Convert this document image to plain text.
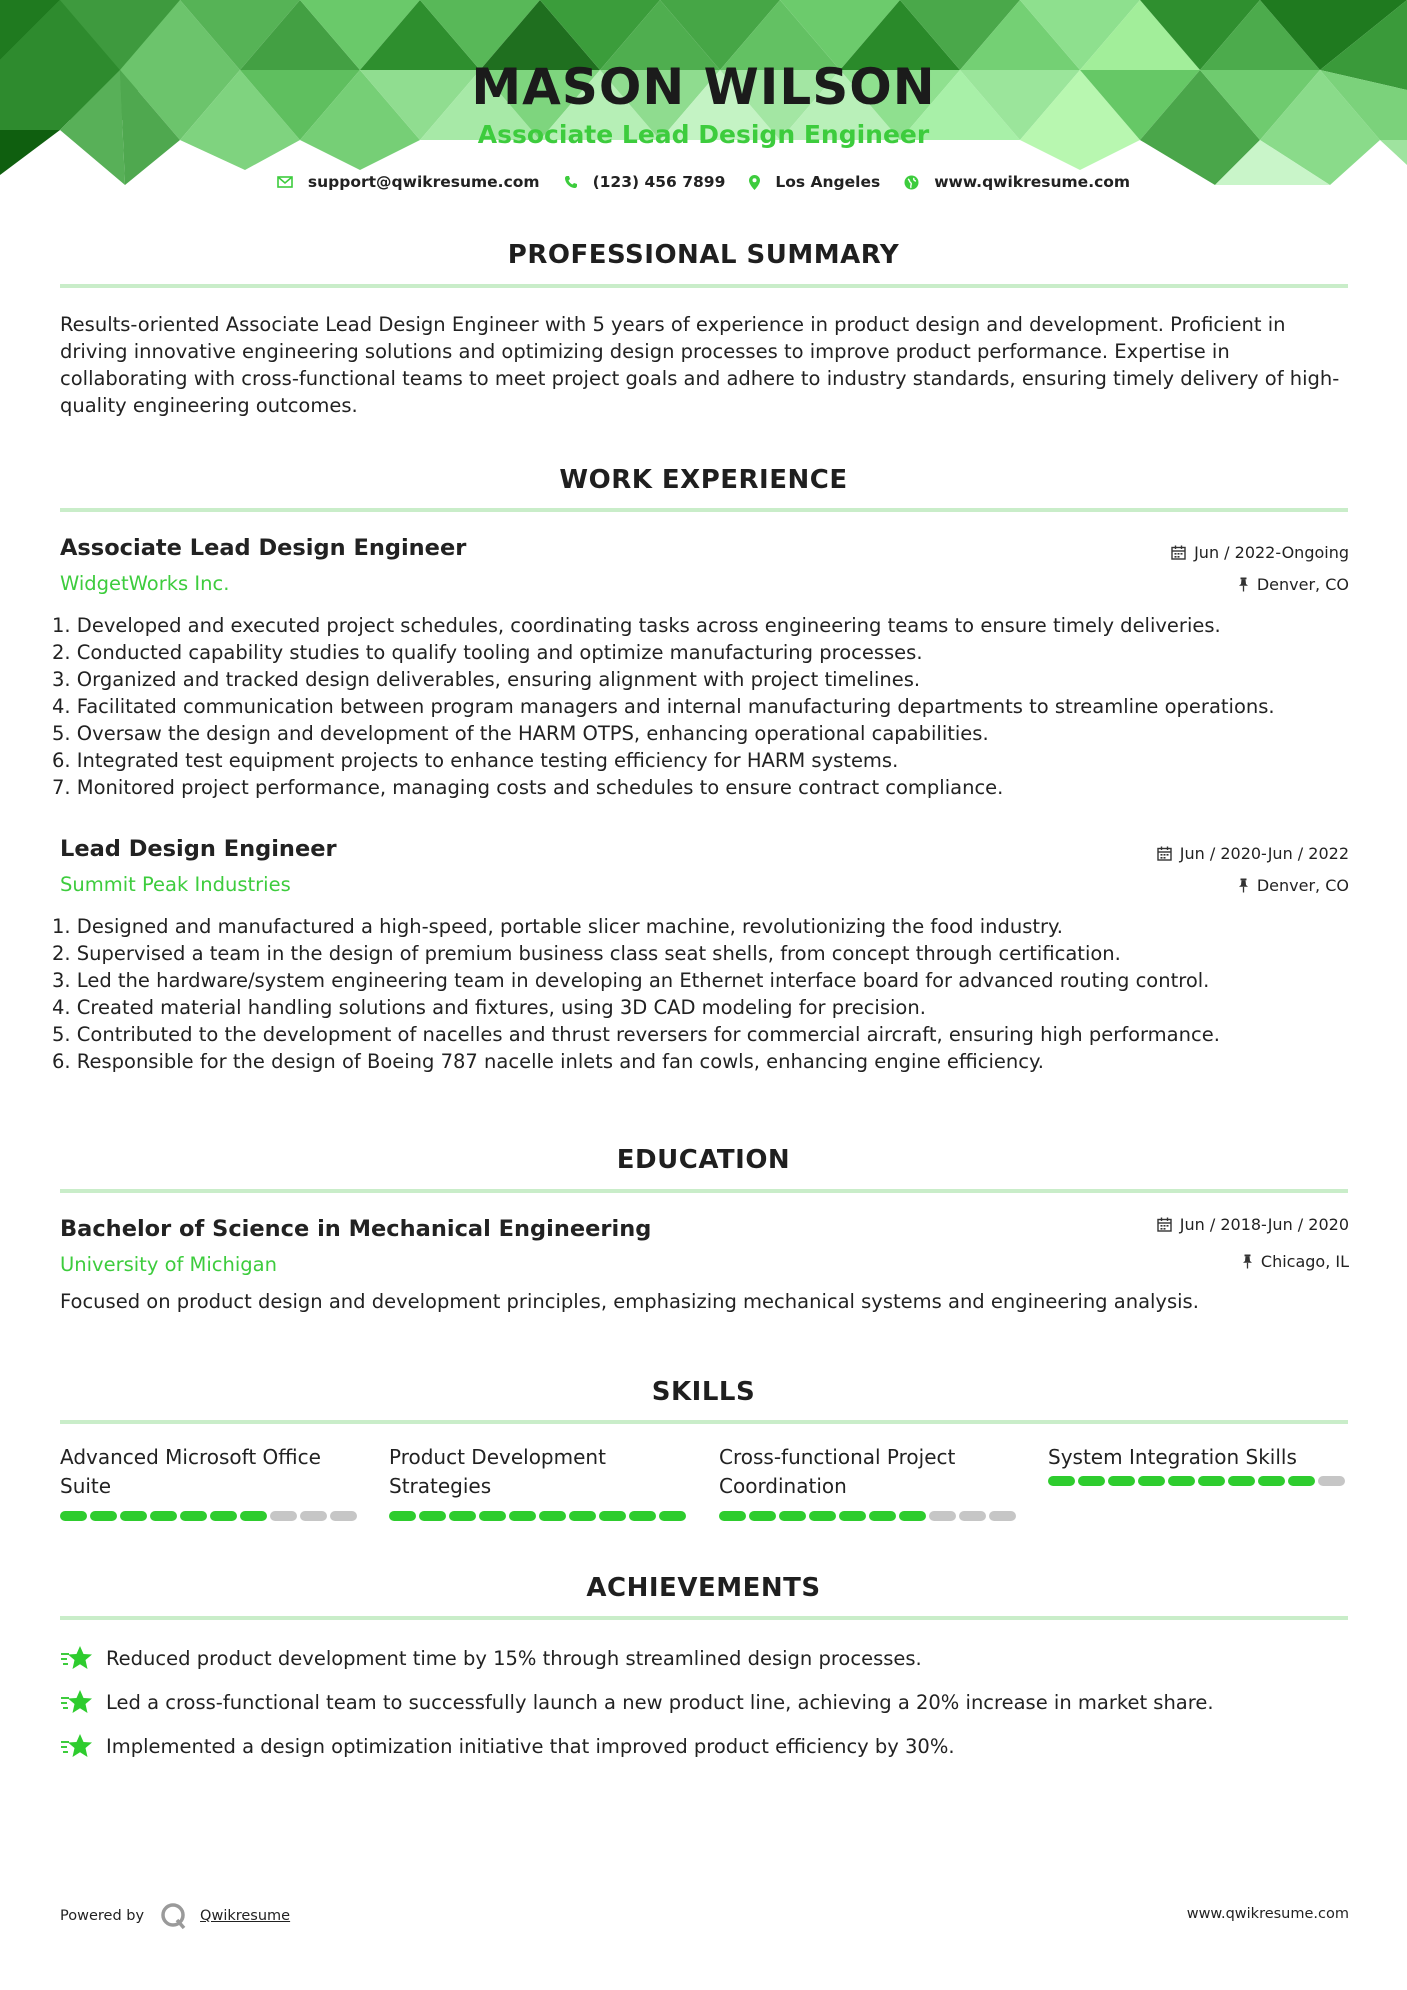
MASON WILSON
Associate Lead Design Engineer
support@qwikresume.com	(123) 456 7899	Los Angeles	www.qwikresume.com
PROFESSIONAL SUMMARY
Results-oriented Associate Lead Design Engineer with 5 years of experience in product design and development. Proficient in driving innovative engineering solutions and optimizing design processes to improve product performance. Expertise in collaborating with cross-functional teams to meet project goals and adhere to industry standards, ensuring timely delivery of high-quality engineering outcomes.
WORK EXPERIENCE
Associate Lead Design Engineer
WidgetWorks Inc.
Jun / 2022-Ongoing
Denver, CO
1. Developed and executed project schedules, coordinating tasks across engineering teams to ensure timely deliveries.
2. Conducted capability studies to qualify tooling and optimize manufacturing processes.
3. Organized and tracked design deliverables, ensuring alignment with project timelines.
4. Facilitated communication between program managers and internal manufacturing departments to streamline operations.
5. Oversaw the design and development of the HARM OTPS, enhancing operational capabilities.
6. Integrated test equipment projects to enhance testing efficiency for HARM systems.
7. Monitored project performance, managing costs and schedules to ensure contract compliance.
Lead Design Engineer
Summit Peak Industries
Jun / 2020-Jun / 2022
Denver, CO
1. Designed and manufactured a high-speed, portable slicer machine, revolutionizing the food industry.
2. Supervised a team in the design of premium business class seat shells, from concept through certification.
3. Led the hardware/system engineering team in developing an Ethernet interface board for advanced routing control.
4. Created material handling solutions and fixtures, using 3D CAD modeling for precision.
5. Contributed to the development of nacelles and thrust reversers for commercial aircraft, ensuring high performance.
6. Responsible for the design of Boeing 787 nacelle inlets and fan cowls, enhancing engine efficiency.
EDUCATION
Bachelor of Science in Mechanical Engineering
University of Michigan
Jun / 2018-Jun / 2020
Chicago, IL
Focused on product design and development principles, emphasizing mechanical systems and engineering analysis.
SKILLS
Advanced Microsoft Office Suite
Product Development Strategies
Cross-functional Project Coordination
System Integration Skills
ACHIEVEMENTS
Reduced product development time by 15% through streamlined design processes.
Led a cross-functional team to successfully launch a new product line, achieving a 20% increase in market share.
Implemented a design optimization initiative that improved product efficiency by 30%.
Powered by	Qwikresume	www.qwikresume.com
